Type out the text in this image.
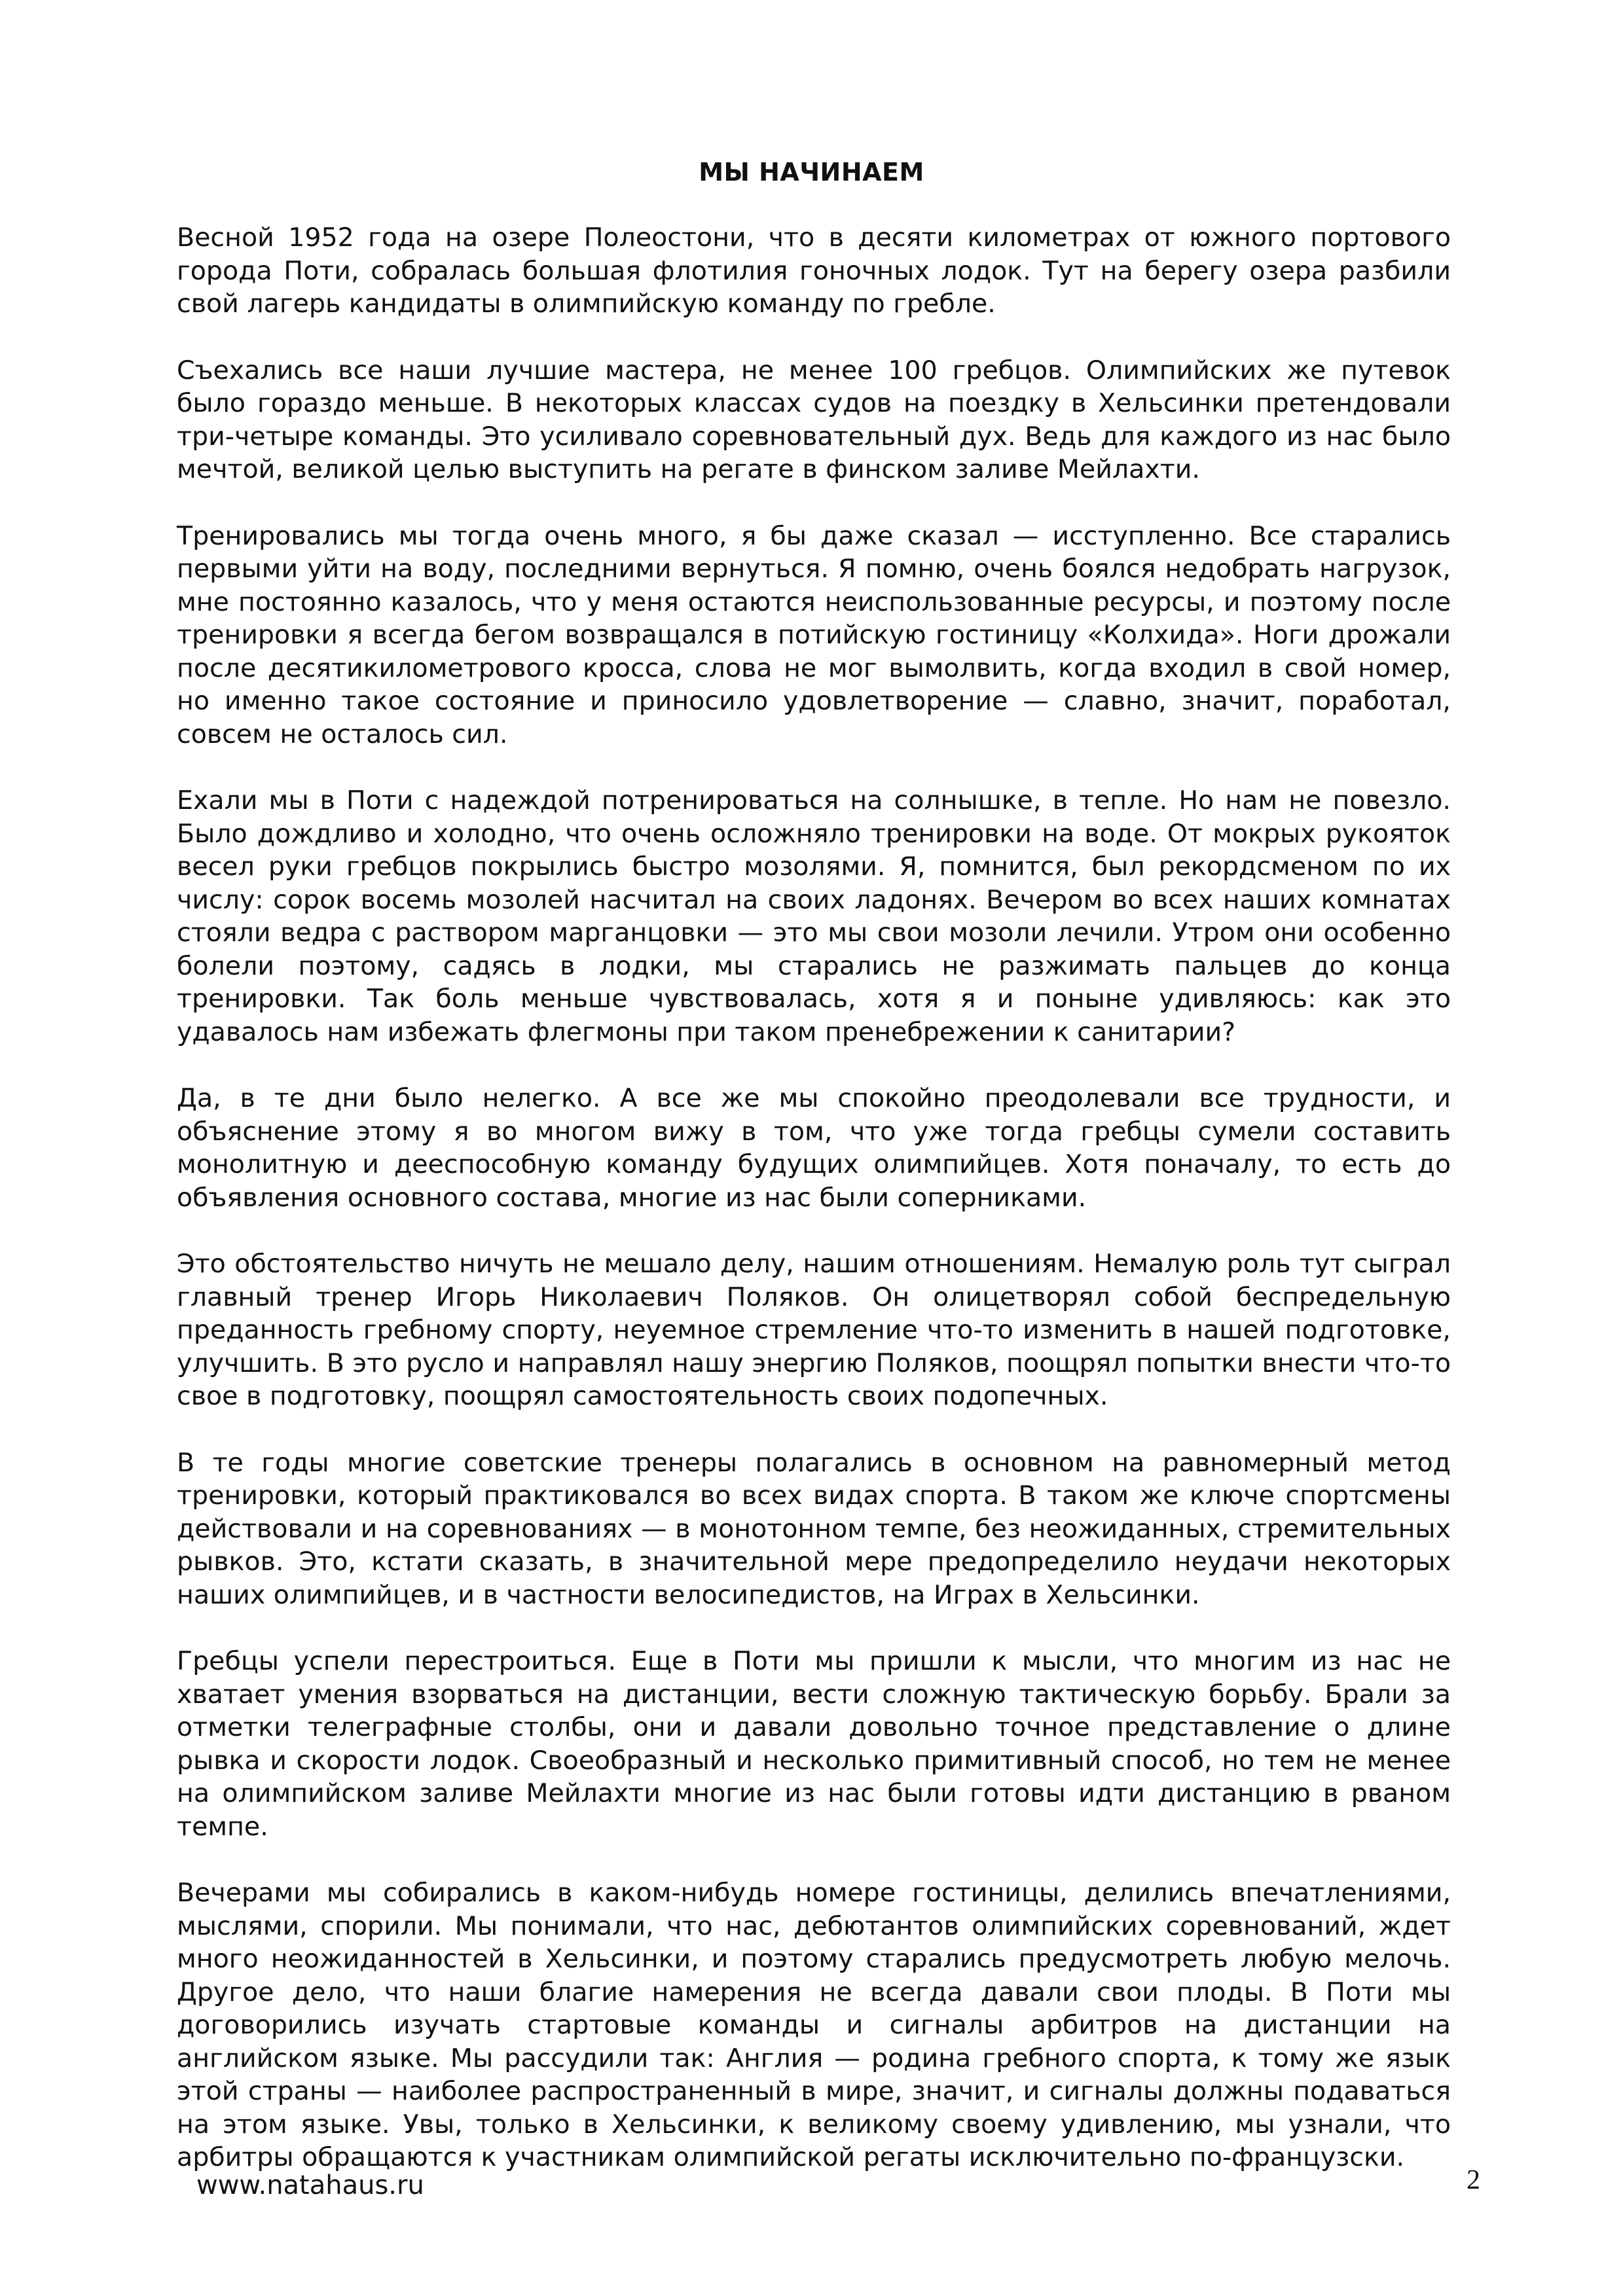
МЫ НАЧИНАЕМ

Весной 1952 года на озере Полеостони, что в десяти километрах от южного портового города Поти, собралась большая флотилия гоночных лодок. Тут на берегу озера разбили свой лагерь кандидаты в олимпийскую команду по гребле.

Съехались все наши лучшие мастера, не менее 100 гребцов. Олимпийских же путевок было гораздо меньше. В некоторых классах судов на поездку в Хельсинки претендовали три-четыре команды. Это усиливало соревновательный дух. Ведь для каждого из нас было мечтой, великой целью выступить на регате в финском заливе Мейлахти.

Тренировались мы тогда очень много, я бы даже сказал — исступленно. Все старались первыми уйти на воду, последними вернуться. Я помню, очень боялся недобрать нагрузок, мне постоянно казалось, что у меня остаются неиспользованные ресурсы, и поэтому после тренировки я всегда бегом возвращался в потийскую гостиницу «Колхида». Ноги дрожали после десятикилометрового кросса, слова не мог вымолвить, когда входил в свой номер, но именно такое состояние и приносило удовлетворение — славно, значит, поработал, совсем не осталось сил.

Ехали мы в Поти с надеждой потренироваться на солнышке, в тепле. Но нам не повезло. Было дождливо и холодно, что очень осложняло тренировки на воде. От мокрых рукояток весел руки гребцов покрылись быстро мозолями. Я, помнится, был рекордсменом по их числу: сорок восемь мозолей насчитал на своих ладонях. Вечером во всех наших комнатах стояли ведра с раствором марганцовки — это мы свои мозоли лечили. Утром они особенно болели поэтому, садясь в лодки, мы старались не разжимать пальцев до конца тренировки. Так боль меньше чувствовалась, хотя я и поныне удивляюсь: как это удавалось нам избежать флегмоны при таком пренебрежении к санитарии?

Да, в те дни было нелегко. А все же мы спокойно преодолевали все трудности, и объяснение этому я во многом вижу в том, что уже тогда гребцы сумели составить монолитную и дееспособную команду будущих олимпийцев. Хотя поначалу, то есть до объявления основного состава, многие из нас были соперниками.

Это обстоятельство ничуть не мешало делу, нашим отношениям. Немалую роль тут сыграл главный тренер Игорь Николаевич Поляков. Он олицетворял собой беспредельную преданность гребному спорту, неуемное стремление что-то изменить в нашей подготовке, улучшить. В это русло и направлял нашу энергию Поляков, поощрял попытки внести что-то свое в подготовку, поощрял самостоятельность своих подопечных.

В те годы многие советские тренеры полагались в основном на равномерный метод тренировки, который практиковался во всех видах спорта. В таком же ключе спортсмены действовали и на соревнованиях — в монотонном темпе, без неожиданных, стремительных рывков. Это, кстати сказать, в значительной мере предопределило неудачи некоторых наших олимпийцев, и в частности велосипедистов, на Играх в Хельсинки.

Гребцы успели перестроиться. Еще в Поти мы пришли к мысли, что многим из нас не хватает умения взорваться на дистанции, вести сложную тактическую борьбу. Брали за отметки телеграфные столбы, они и давали довольно точное представление о длине рывка и скорости лодок. Своеобразный и несколько примитивный способ, но тем не менее на олимпийском заливе Мейлахти многие из нас были готовы идти дистанцию в рваном темпе.

Вечерами мы собирались в каком-нибудь номере гостиницы, делились впечатлениями, мыслями, спорили. Мы понимали, что нас, дебютантов олимпийских соревнований, ждет много неожиданностей в Хельсинки, и поэтому старались предусмотреть любую мелочь. Другое дело, что наши благие намерения не всегда давали свои плоды. В Поти мы договорились изучать стартовые команды и сигналы арбитров на дистанции на английском языке. Мы рассудили так: Англия — родина гребного спорта, к тому же язык этой страны — наиболее распространенный в мире, значит, и сигналы должны подаваться на этом языке. Увы, только в Хельсинки, к великому своему удивлению, мы узнали, что арбитры обращаются к участникам олимпийской регаты исключительно по-французски.

www.natahaus.ru	2
